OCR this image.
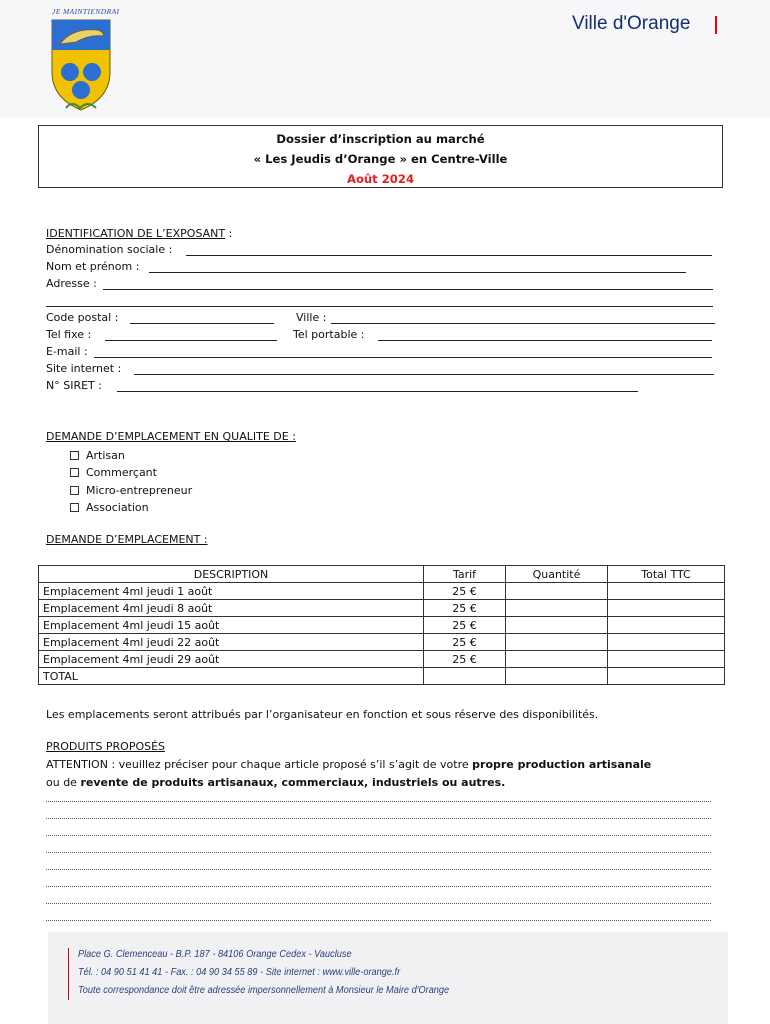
JE MAINTIENDRAI
Ville d'Orange
Dossier d’inscription au marché
« Les Jeudis d’Orange » en Centre-Ville
Août 2024
IDENTIFICATION DE L’EXPOSANT :
Dénomination sociale :
Nom et prénom :
Adresse :
Code postal :	Ville :
Tel fixe :	Tel portable :
E-mail :
Site internet :
N° SIRET :
DEMANDE D’EMPLACEMENT EN QUALITE DE :
Artisan
Commerçant
Micro-entrepreneur
Association
DEMANDE D’EMPLACEMENT :
DESCRIPTION	Tarif	Quantité	Total TTC
Emplacement 4ml jeudi 1 août	25 €		
Emplacement 4ml jeudi 8 août	25 €		
Emplacement 4ml jeudi 15 août	25 €		
Emplacement 4ml jeudi 22 août	25 €		
Emplacement 4ml jeudi 29 août	25 €		
TOTAL			
Les emplacements seront attribués par l’organisateur en fonction et sous réserve des disponibilités.
PRODUITS PROPOSÉS
ATTENTION : veuillez préciser pour chaque article proposé s’il s’agit de votre propre production artisanale
ou de revente de produits artisanaux, commerciaux, industriels ou autres.
Place G. Clemenceau - B.P. 187 - 84106 Orange Cedex - Vaucluse
Tél. : 04 90 51 41 41 - Fax. : 04 90 34 55 89 - Site internet : www.ville-orange.fr
Toute correspondance doit être adressée impersonnellement à Monsieur le Maire d'Orange
